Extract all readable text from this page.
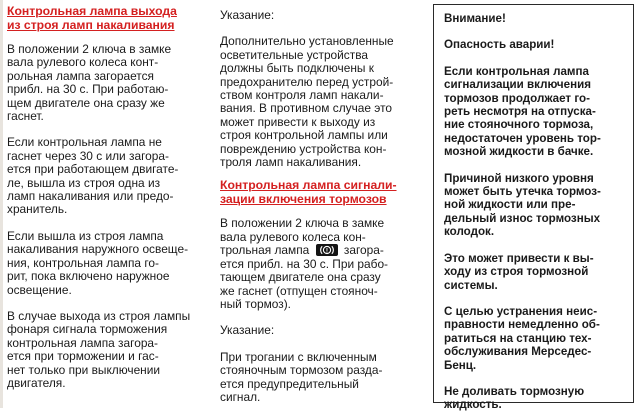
Контрольная лампа выхода
из строя ламп накаливания
В положении 2 ключа в замке
вала рулевого колеса конт-
рольная лампа загорается
прибл. на 30 с. При работаю-
щем двигателе она сразу же
гаснет.
Если контрольная лампа не
гаснет через 30 с или загора-
ется при работающем двигате-
ле, вышла из строя одна из
ламп накаливания или предо-
хранитель.
Если вышла из строя лампа
накаливания наружного освеще-
ния, контрольная лампа го-
рит, пока включено наружное
освещение.
В случае выхода из строя лампы
фонаря сигнала торможения
контрольная лампа загора-
ется при торможении и гас-
нет только при выключении
двигателя.
Указание:
Дополнительно установленные
осветительные устройства
должны быть подключены к
предохранителю перед устрой-
ством контроля ламп накали-
вания. В противном случае это
может привести к выходу из
строя контрольной лампы или
повреждению устройства кон-
троля ламп накаливания.
Контрольная лампа сигнали-
зации включения тормозов
В положении 2 ключа в замке
вала рулевого колеса кон-
трольная лампа ! загора-
ется прибл. на 30 с. При рабо-
тающем двигателе она сразу
же гаснет (отпущен стояноч-
ный тормоз).
Указание:
При трогании с включенным
стояночным тормозом разда-
ется предупредительный
сигнал.
Внимание!
Опасность аварии!
Если контрольная лампа
сигнализации включения
тормозов продолжает го-
реть несмотря на отпуска-
ние стояночного тормоза,
недостаточен уровень тор-
мозной жидкости в бачке.
Причиной низкого уровня
может быть утечка тормоз-
ной жидкости или пре-
дельный износ тормозных
колодок.
Это может привести к вы-
ходу из строя тормозной
системы.
С целью устранения неис-
правности немедленно об-
ратиться на станцию тех-
обслуживания Мерседес-
Бенц.
Не доливать тормозную
жидкость.
